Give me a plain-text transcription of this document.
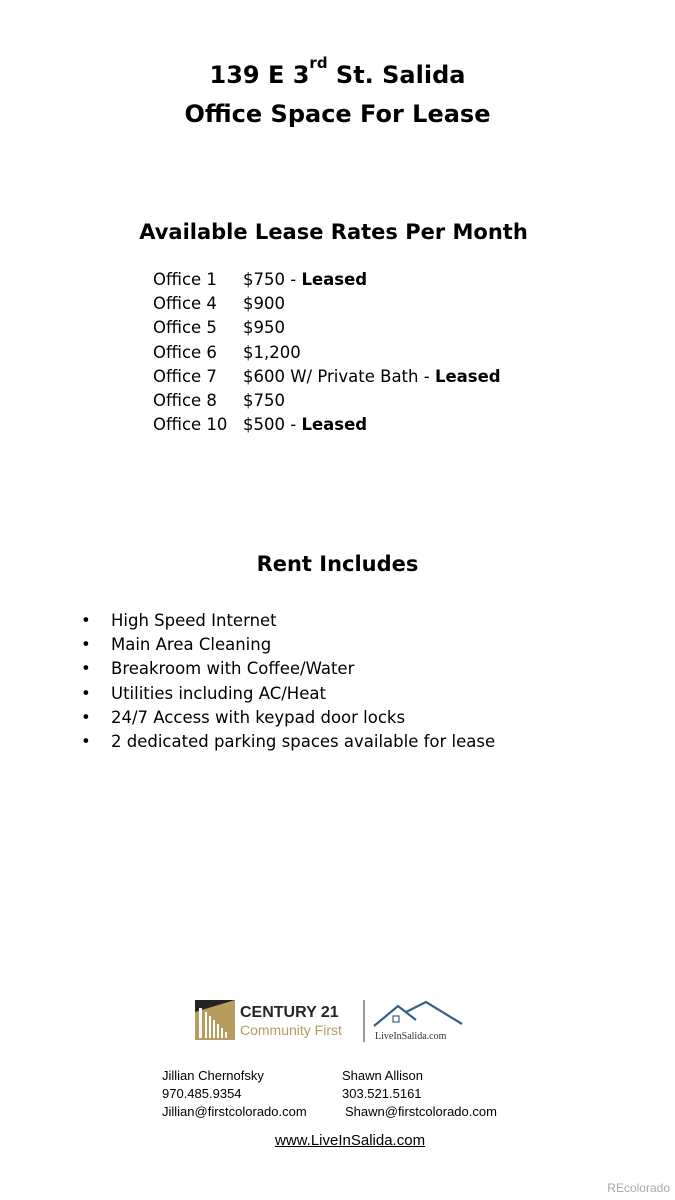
139 E 3rd St. Salida
Office Space For Lease
Available Lease Rates Per Month
Office 1 $750 - Leased
Office 4 $900
Office 5 $950
Office 6 $1,200
Office 7 $600 W/ Private Bath - Leased
Office 8 $750
Office 10 $500 - Leased
Rent Includes
• High Speed Internet
• Main Area Cleaning
• Breakroom with Coffee/Water
• Utilities including AC/Heat
• 24/7 Access with keypad door locks
• 2 dedicated parking spaces available for lease
CENTURY 21
Community First	LiveInSalida.com
Jillian Chernofsky
970.485.9354
Jillian@firstcolorado.com
Shawn Allison
303.521.5161
Shawn@firstcolorado.com
www.LiveInSalida.com
REcolorado
